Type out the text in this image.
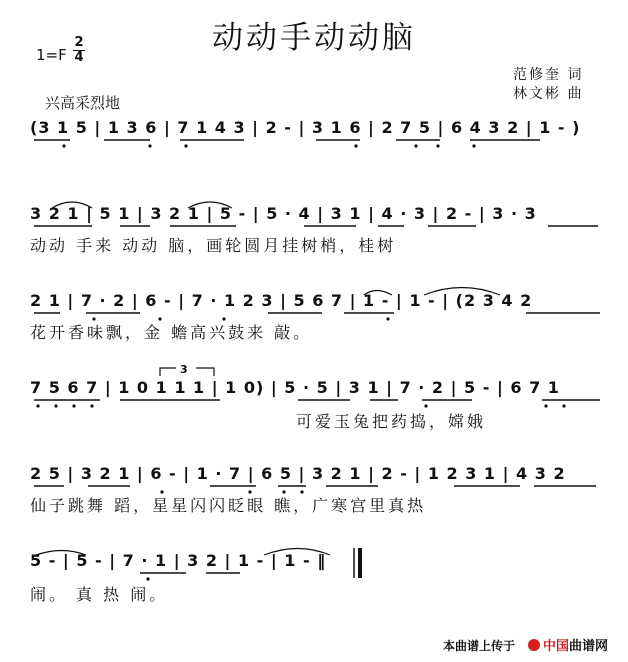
动动手动动脑
$1=F \frac{2}{4}$
范修奎 词
林文彬 曲
兴高采烈地
(3 1 5 | 1 3 6 | 7 1 4 3 | 2 - | 3 1 6 | 2 7 5 | 6 4 3 2 | 1 - )
3 2 1 | 5 1 | 3 2 1 | 5 - | 5 · 4 | 3 1 | 4 · 3 | 2 - | 3 · 3
动动 手来 动动 脑，画轮圆月挂树梢，桂树
2 1 | 7 · 2 | 6 - | 7 · 1 2 3 | 5 6 7 | 1 - | 1 - | (2 3 4 2
花开香味飘，金 蟾高兴鼓来 敲。
7 5 6 7 | 1 0 1 1 1 | 1 0) | 5 · 5 | 3 1 | 7 · 2 | 5 - | 6 7 1
可爱玉兔把药捣，嫦娥
2 5 | 3 2 1 | 6 - | 1 · 7 | 6 5 | 3 2 1 | 2 - | 1 2 3 1 | 4 3 2
仙子跳舞 蹈，星星闪闪眨眼 瞧，广寒宫里真热
5 - | 5 - | 7 · 1 | 3 2 | 1 - | 1 - ‖
闹。 真 热 闹。
3
本曲谱上传于	中国曲谱网
